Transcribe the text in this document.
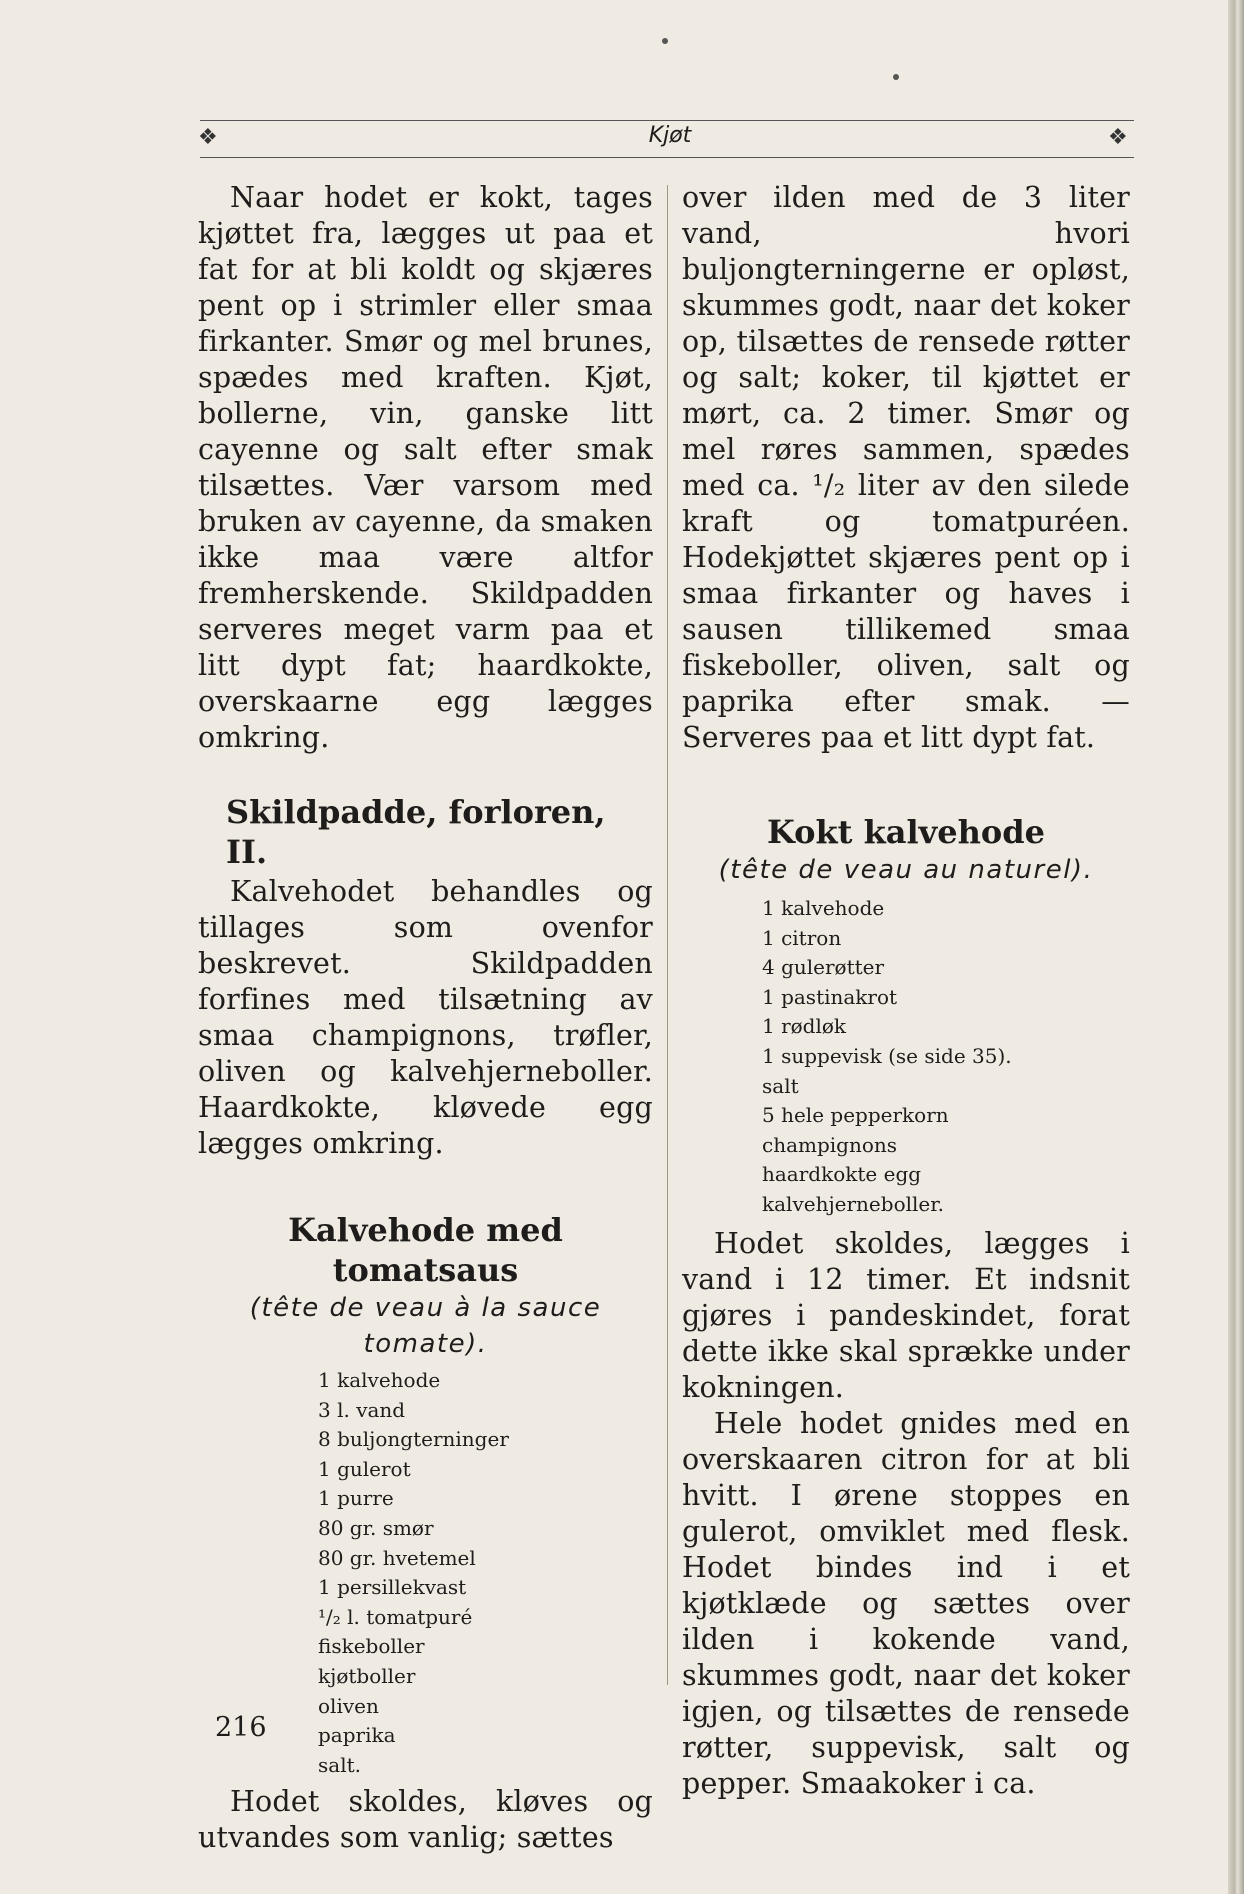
❖	Kjøt	❖

Naar hodet er kokt, tages kjøttet fra, lægges ut paa et fat for at bli koldt og skjæres pent op i strimler eller smaa firkanter. Smør og mel brunes, spædes med kraften. Kjøt, bollerne, vin, ganske litt cayenne og salt efter smak tilsættes. Vær varsom med bruken av cayenne, da smaken ikke maa være altfor fremherskende. Skildpadden serveres meget varm paa et litt dypt fat; haardkokte, overskaarne egg lægges omkring.

Skildpadde, forloren, II.

Kalvehodet behandles og tillages som ovenfor beskrevet. Skildpadden forfines med tilsætning av smaa champignons, trøfler, oliven og kalvehjerneboller. Haardkokte, kløvede egg lægges omkring.

Kalvehode med tomatsaus

(tête de veau à la sauce tomate).

1 kalvehode
3 l. vand
8 buljongterninger
1 gulerot
1 purre
80 gr. smør
80 gr. hvetemel
1 persillekvast
¹/₂ l. tomatpuré
fiskeboller
kjøtboller
oliven
paprika
salt.

Hodet skoldes, kløves og utvandes som vanlig; sættes

over ilden med de 3 liter vand, hvori buljongterningerne er opløst, skummes godt, naar det koker op, tilsættes de rensede røtter og salt; koker, til kjøttet er mørt, ca. 2 timer. Smør og mel røres sammen, spædes med ca. ¹/₂ liter av den silede kraft og tomatpuréen. Hodekjøttet skjæres pent op i smaa firkanter og haves i sausen tillikemed smaa fiskeboller, oliven, salt og paprika efter smak. — Serveres paa et litt dypt fat.

Kokt kalvehode

(tête de veau au naturel).

1 kalvehode
1 citron
4 gulerøtter
1 pastinakrot
1 rødløk
1 suppevisk (se side 35).
salt
5 hele pepperkorn
champignons
haardkokte egg
kalvehjerneboller.

Hodet skoldes, lægges i vand i 12 timer. Et indsnit gjøres i pandeskindet, forat dette ikke skal sprække under kokningen.

Hele hodet gnides med en overskaaren citron for at bli hvitt. I ørene stoppes en gulerot, omviklet med flesk. Hodet bindes ind i et kjøtklæde og sættes over ilden i kokende vand, skummes godt, naar det koker igjen, og tilsættes de rensede røtter, suppevisk, salt og pepper. Smaakoker i ca.

216
